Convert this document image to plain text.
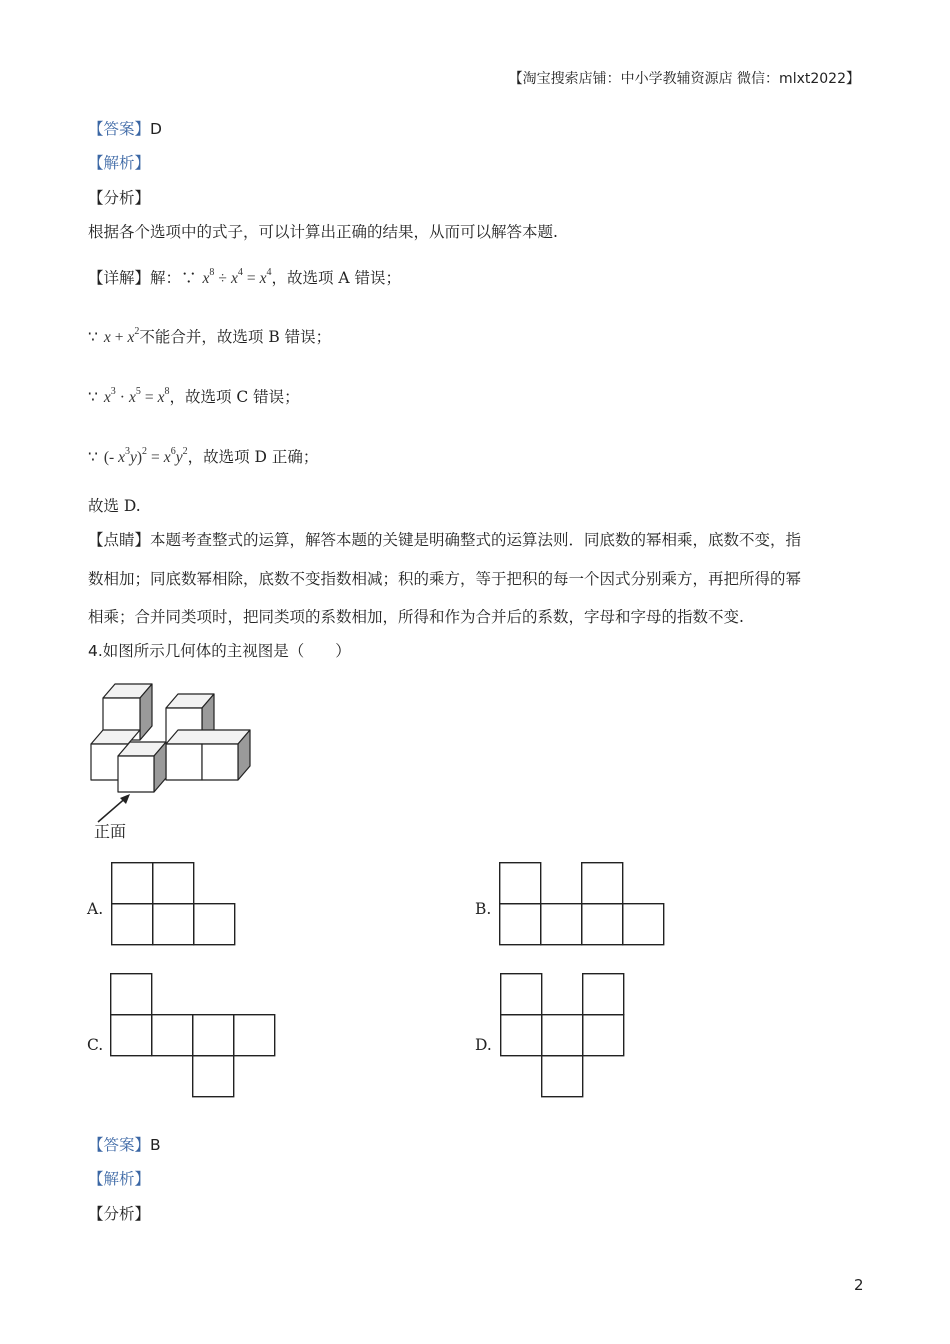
【淘宝搜索店铺：中小学教辅资源店 微信：mlxt2022】
【答案】D
【解析】
【分析】
根据各个选项中的式子，可以计算出正确的结果，从而可以解答本题.
【详解】解：∵ $x^8 \div x^4 = x^4$，故选项 A 错误；
∵ $x + x^2$不能合并，故选项 B 错误；
∵ $x^3 \cdot x^5 = x^8$，故选项 C 错误；
∵ (- $x^3y)^2 = x^6y^2$，故选项 D 正确；
故选 D.
【点睛】本题考查整式的运算，解答本题的关键是明确整式的运算法则．同底数的幂相乘，底数不变，指
数相加；同底数幂相除，底数不变指数相减；积的乘方，等于把积的每一个因式分别乘方，再把所得的幂
相乘；合并同类项时，把同类项的系数相加，所得和作为合并后的系数，字母和字母的指数不变.
4.如图所示几何体的主视图是（　　）
正面
A.	B.
C.	D.
【答案】B
【解析】
【分析】
2
